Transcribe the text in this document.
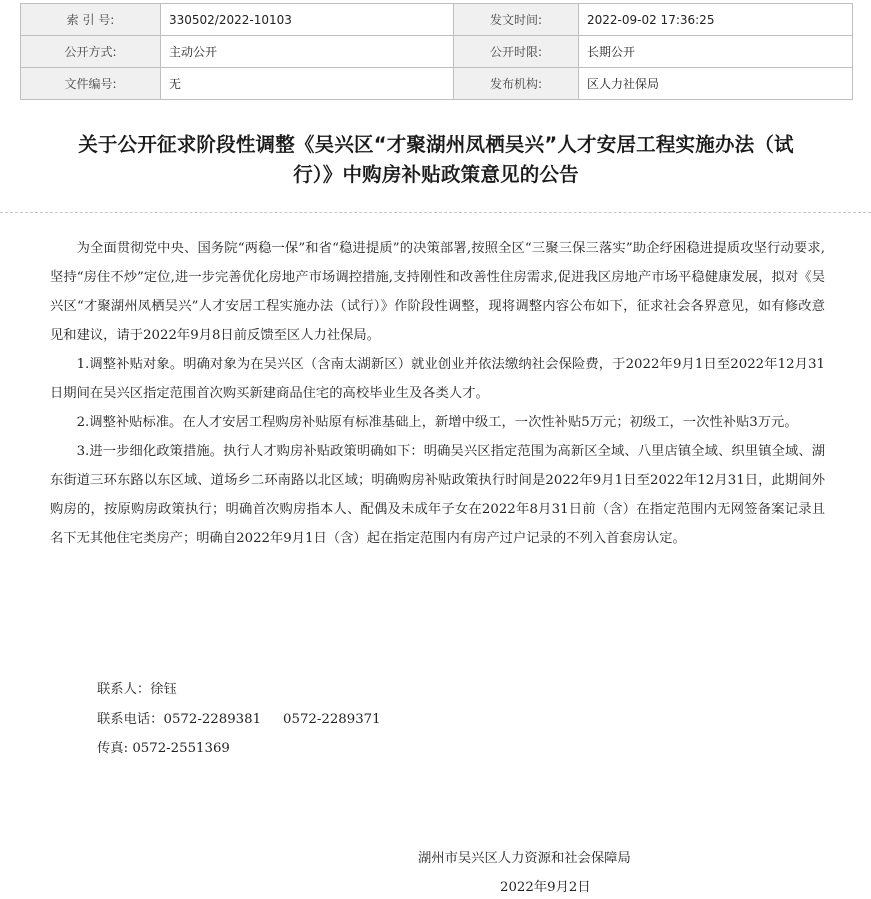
索 引 号:	330502/2022-10103	发文时间:	2022-09-02 17:36:25
公开方式:	主动公开	公开时限:	长期公开
文件编号:	无	发布机构:	区人力社保局
关于公开征求阶段性调整《吴兴区“才聚湖州凤栖吴兴”人才安居工程实施办法（试
行）》中购房补贴政策意见的公告

为全面贯彻党中央、国务院“两稳一保”和省“稳进提质”的决策部署,按照全区“三聚三保三落实”助企纾困稳进提质攻坚行动要求,坚持“房住不炒”定位,进一步完善优化房地产市场调控措施,支持刚性和改善性住房需求,促进我区房地产市场平稳健康发展，拟对《吴兴区“才聚湖州凤栖吴兴”人才安居工程实施办法（试行）》作阶段性调整，现将调整内容公布如下，征求社会各界意见，如有修改意见和建议，请于2022年9月8日前反馈至区人力社保局。

1.调整补贴对象。明确对象为在吴兴区（含南太湖新区）就业创业并依法缴纳社会保险费，于2022年9月1日至2022年12月31日期间在吴兴区指定范围首次购买新建商品住宅的高校毕业生及各类人才。

2.调整补贴标准。在人才安居工程购房补贴原有标准基础上，新增中级工，一次性补贴5万元；初级工，一次性补贴3万元。

3.进一步细化政策措施。执行人才购房补贴政策明确如下：明确吴兴区指定范围为高新区全域、八里店镇全域、织里镇全域、湖东街道三环东路以东区域、道场乡二环南路以北区域；明确购房补贴政策执行时间是2022年9月1日至2022年12月31日，此期间外购房的，按原购房政策执行；明确首次购房指本人、配偶及未成年子女在2022年8月31日前（含）在指定范围内无网签备案记录且名下无其他住宅类房产；明确自2022年9月1日（含）起在指定范围内有房产过户记录的不列入首套房认定。

联系人：徐钰
联系电话：0572-2289381 0572-2289371
传真: 0572-2551369
湖州市吴兴区人力资源和社会保障局
2022年9月2日
